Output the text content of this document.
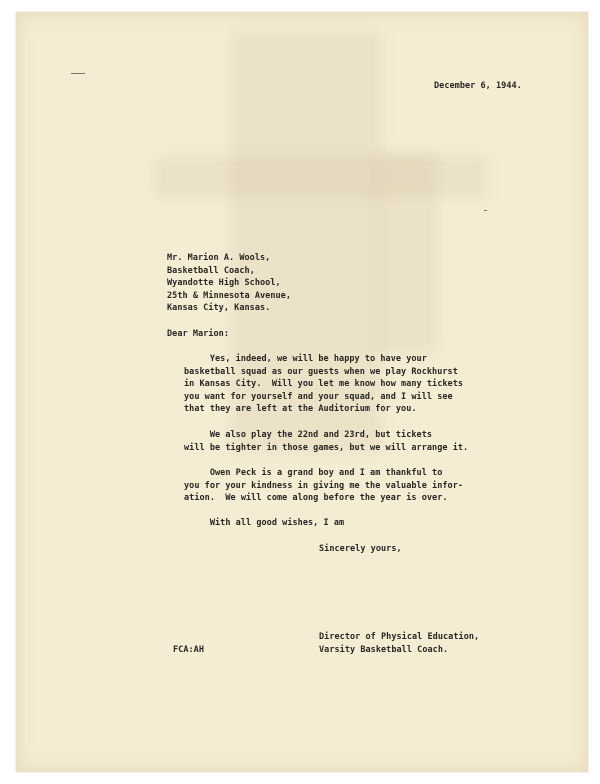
December 6, 1944.

Mr. Marion A. Wools,

Basketball Coach,

Wyandotte High School,

25th & Minnesota Avenue,

Kansas City, Kansas.

Dear Marion:

Yes, indeed, we will be happy to have your

basketball squad as our guests when we play Rockhurst

in Kansas City.  Will you let me know how many tickets

you want for yourself and your squad, and I will see

that they are left at the Auditorium for you.

We also play the 22nd and 23rd, but tickets

will be tighter in those games, but we will arrange it.

Owen Peck is a grand boy and I am thankful to

you for your kindness in giving me the valuable infor-

ation.  We will come along before the year is over.

With all good wishes, I am

Sincerely yours,

FCA:AH

Director of Physical Education,

Varsity Basketball Coach.
